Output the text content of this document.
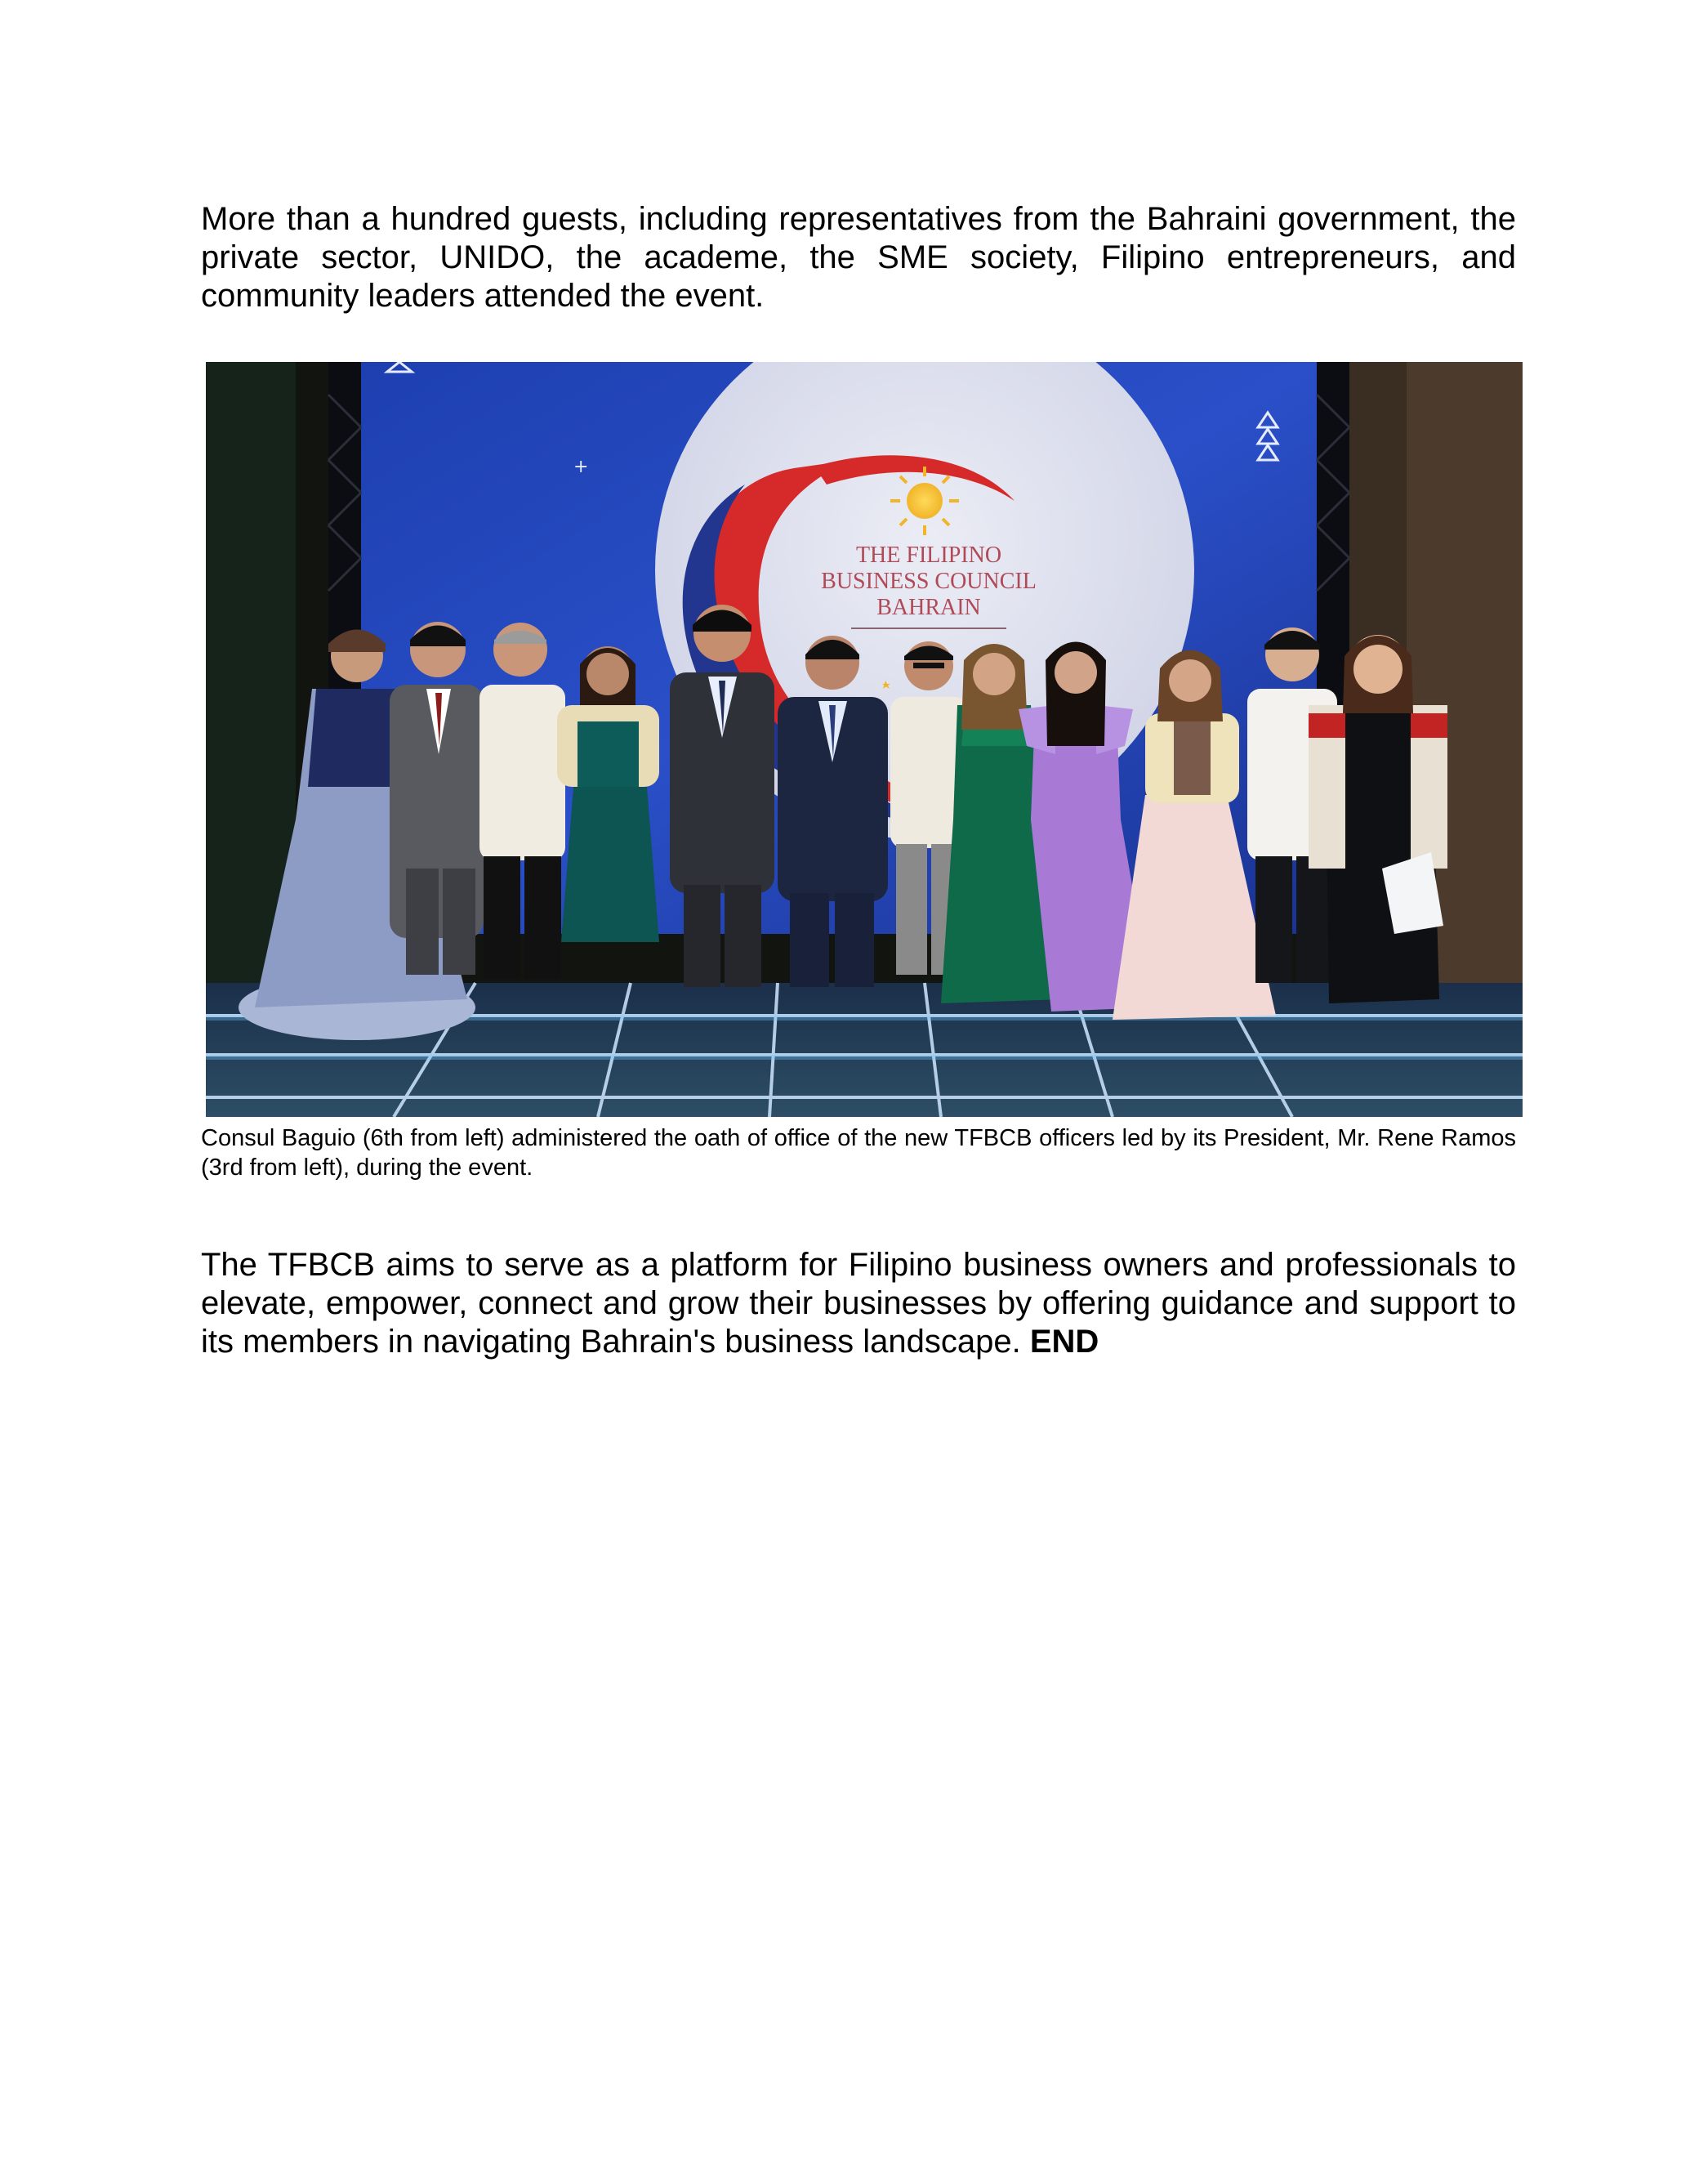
More than a hundred guests, including representatives from the Bahraini government, the private sector, UNIDO, the academe, the SME society, Filipino entrepreneurs, and community leaders attended the event.

+
THE FILIPINO
BUSINESS COUNCIL
BAHRAIN

Consul Baguio (6th from left) administered the oath of office of the new TFBCB officers led by its President, Mr. Rene Ramos (3rd from left), during the event.

The TFBCB aims to serve as a platform for Filipino business owners and professionals to elevate, empower, connect and grow their businesses by offering guidance and support to its members in navigating Bahrain's business landscape. END
